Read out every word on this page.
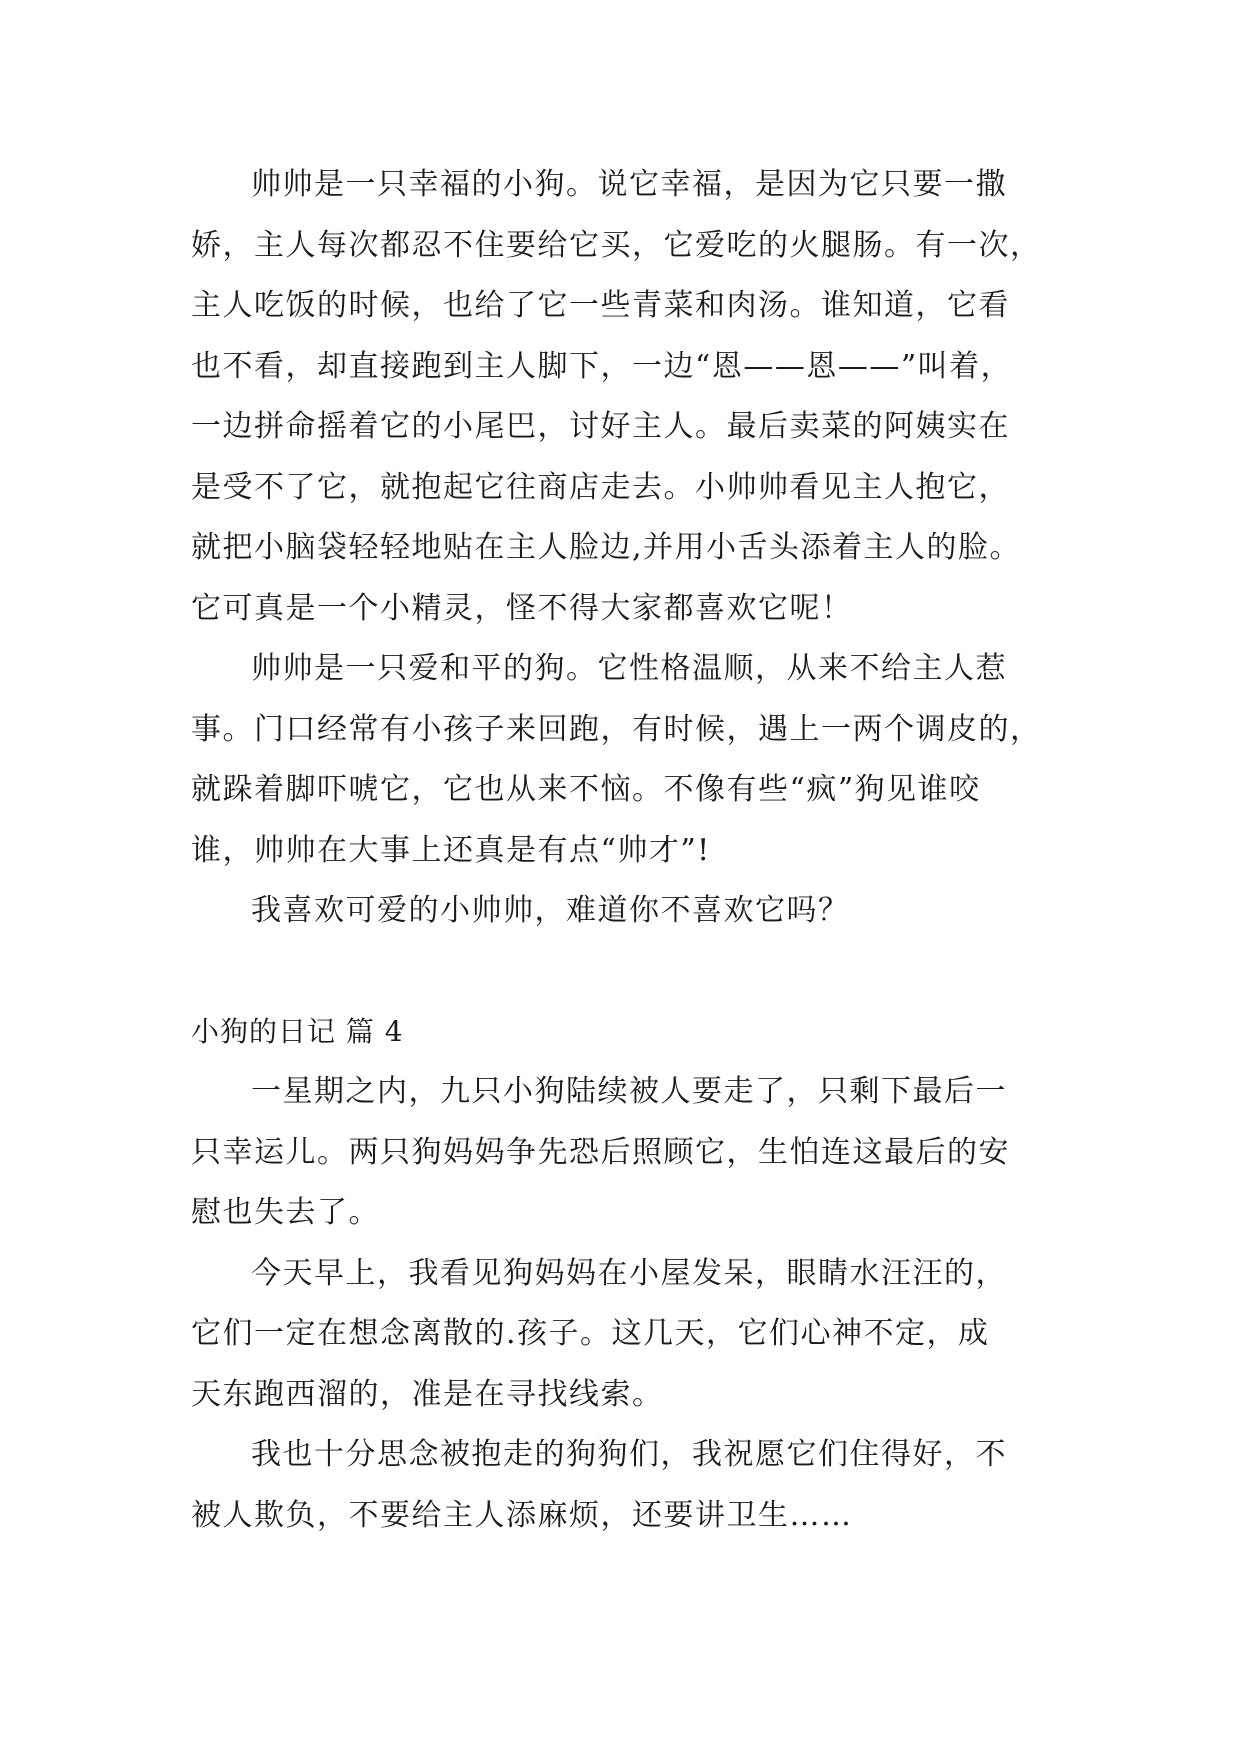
帅帅是一只幸福的小狗。说它幸福，是因为它只要一撒
娇，主人每次都忍不住要给它买，它爱吃的火腿肠。有一次，
主人吃饭的时候，也给了它一些青菜和肉汤。谁知道，它看
也不看，却直接跑到主人脚下，一边“恩——恩——”叫着，
一边拼命摇着它的小尾巴，讨好主人。最后卖菜的阿姨实在
是受不了它，就抱起它往商店走去。小帅帅看见主人抱它，
就把小脑袋轻轻地贴在主人脸边,并用小舌头添着主人的脸。
它可真是一个小精灵，怪不得大家都喜欢它呢！

帅帅是一只爱和平的狗。它性格温顺，从来不给主人惹
事。门口经常有小孩子来回跑，有时候，遇上一两个调皮的，
就跺着脚吓唬它，它也从来不恼。不像有些“疯”狗见谁咬
谁，帅帅在大事上还真是有点“帅才”!

我喜欢可爱的小帅帅，难道你不喜欢它吗？

小狗的日记 篇 4

一星期之内，九只小狗陆续被人要走了，只剩下最后一
只幸运儿。两只狗妈妈争先恐后照顾它，生怕连这最后的安
慰也失去了。

今天早上，我看见狗妈妈在小屋发呆，眼睛水汪汪的，
它们一定在想念离散的.孩子。这几天，它们心神不定，成
天东跑西溜的，准是在寻找线索。

我也十分思念被抱走的狗狗们，我祝愿它们住得好，不
被人欺负，不要给主人添麻烦，还要讲卫生……
